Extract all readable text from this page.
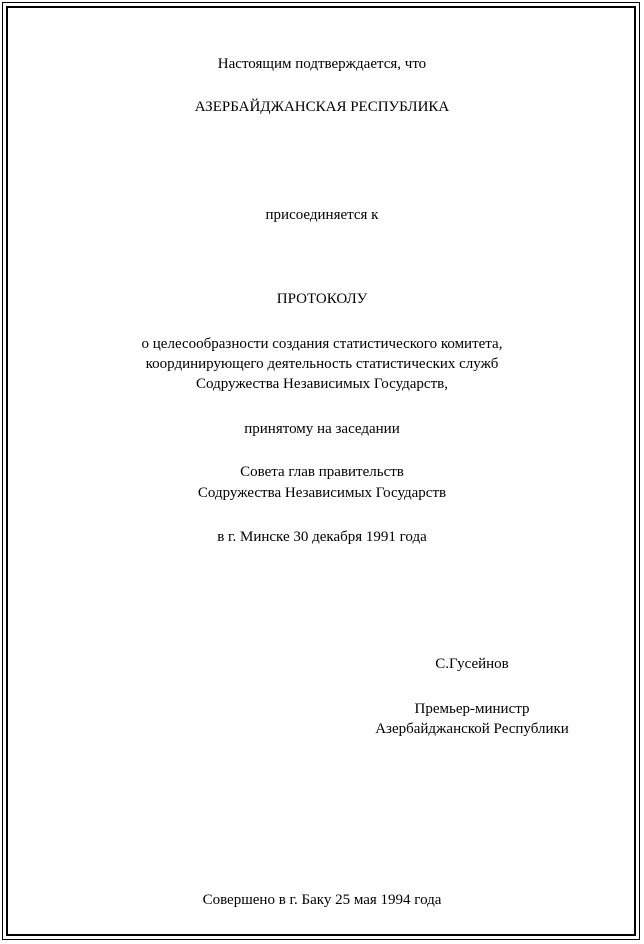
Настоящим подтверждается, что
АЗЕРБАЙДЖАНСКАЯ РЕСПУБЛИКА
присоединяется к
ПРОТОКОЛУ
о целесообразности создания статистического комитета,
координирующего деятельность статистических служб
Содружества Независимых Государств,
принятому на заседании
Совета глав правительств
Содружества Независимых Государств
в г. Минске 30 декабря 1991 года
С.Гусейнов
Премьер-министр
Азербайджанской Республики
Совершено в г. Баку 25 мая 1994 года
